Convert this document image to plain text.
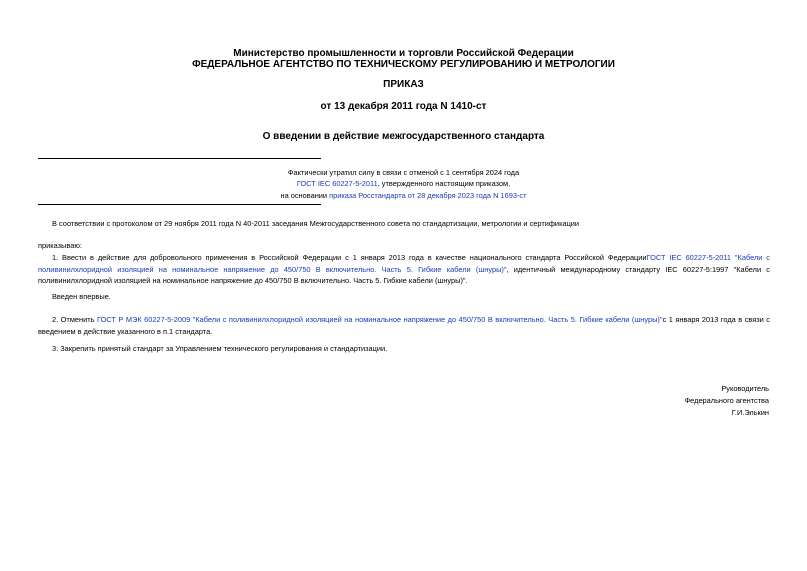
Министерство промышленности и торговли Российской Федерации
ФЕДЕРАЛЬНОЕ АГЕНТСТВО ПО ТЕХНИЧЕСКОМУ РЕГУЛИРОВАНИЮ И МЕТРОЛОГИИ
ПРИКАЗ
от 13 декабря 2011 года N 1410-ст
О введении в действие межгосударственного стандарта
Фактически утратил силу в связи с отменой с 1 сентября 2024 года
ГОСТ IEC 60227-5-2011, утвержденного настоящим приказом,
на основании приказа Росстандарта от 28 декабря 2023 года N 1693-ст
В соответствии с протоколом от 29 ноября 2011 года N 40-2011 заседания Межгосударственного совета по стандартизации, метрологии и сертификации
приказываю:
1. Ввести в действие для добровольного применения в Российской Федерации с 1 января 2013 года в качестве национального стандарта Российской ФедерацииГОСТ IEC 60227-5-2011 "Кабели с поливинилхлоридной изоляцией на номинальное напряжение до 450/750 В включительно. Часть 5. Гибкие кабели (шнуры)", идентичный международному стандарту IEC 60227-5:1997 "Кабели с поливинилхлоридной изоляцией на номинальное напряжение до 450/750 В включительно. Часть 5. Гибкие кабели (шнуры)".
Введен впервые.
2. Отменить ГОСТ Р МЭК 60227-5-2009 "Кабели с поливинилхлоридной изоляцией на номинальное напряжение до 450/750 В включительно. Часть 5. Гибкие кабели (шнуры)"с 1 января 2013 года в связи с введением в действие указанного в п.1 стандарта.
3. Закрепить принятый стандарт за Управлением технического регулирования и стандартизации.
Руководитель
Федерального агентства
Г.И.Элькин
